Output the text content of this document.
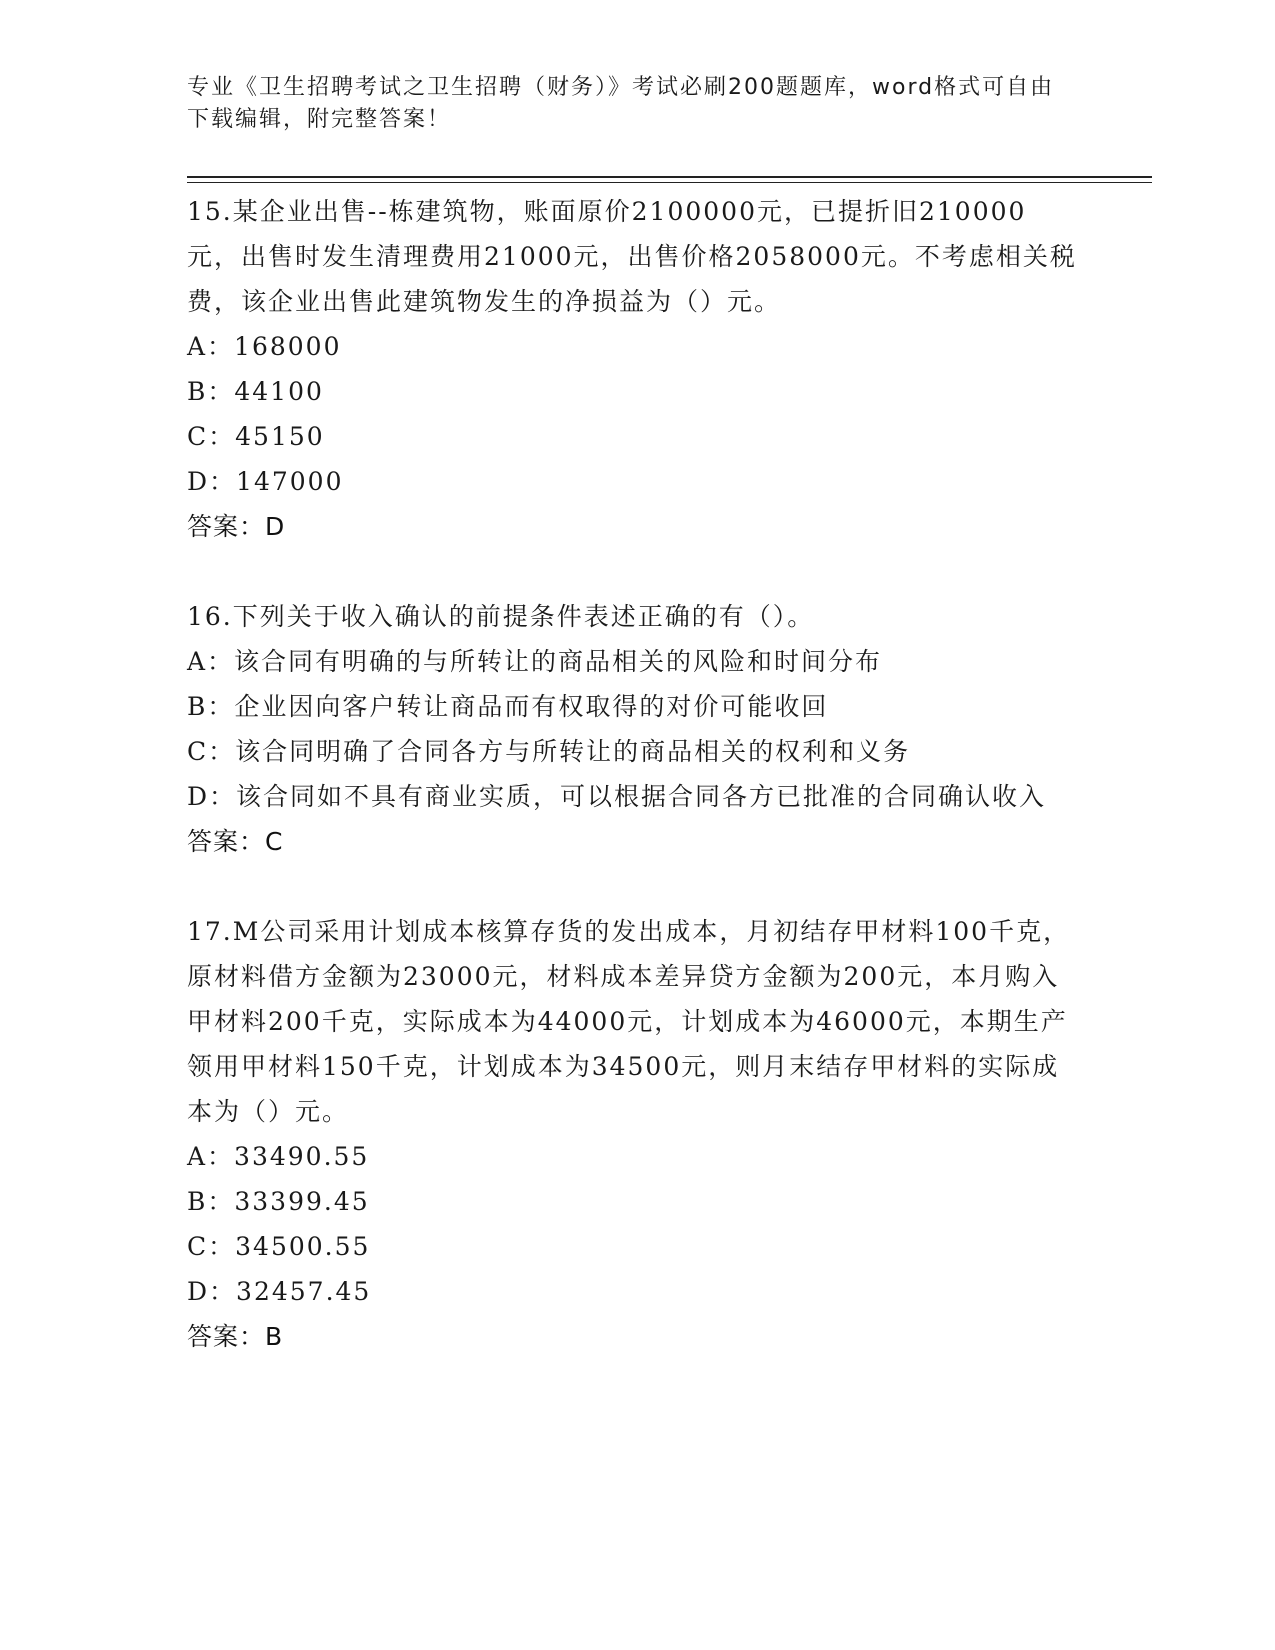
专业《卫生招聘考试之卫生招聘（财务）》考试必刷200题题库，word格式可自由下载编辑，附完整答案！

15.某企业出售--栋建筑物，账面原价2100000元，已提折旧210000元，出售时发生清理费用21000元，出售价格2058000元。不考虑相关税费，该企业出售此建筑物发生的净损益为（）元。

A：168000

B：44100

C：45150

D：147000

答案：D

16.下列关于收入确认的前提条件表述正确的有（）。

A：该合同有明确的与所转让的商品相关的风险和时间分布

B：企业因向客户转让商品而有权取得的对价可能收回

C：该合同明确了合同各方与所转让的商品相关的权利和义务

D：该合同如不具有商业实质，可以根据合同各方已批准的合同确认收入

答案：C

17.M公司采用计划成本核算存货的发出成本，月初结存甲材料100千克，原材料借方金额为23000元，材料成本差异贷方金额为200元，本月购入甲材料200千克，实际成本为44000元，计划成本为46000元，本期生产领用甲材料150千克，计划成本为34500元，则月末结存甲材料的实际成本为（）元。

A：33490.55

B：33399.45

C：34500.55

D：32457.45

答案：B
